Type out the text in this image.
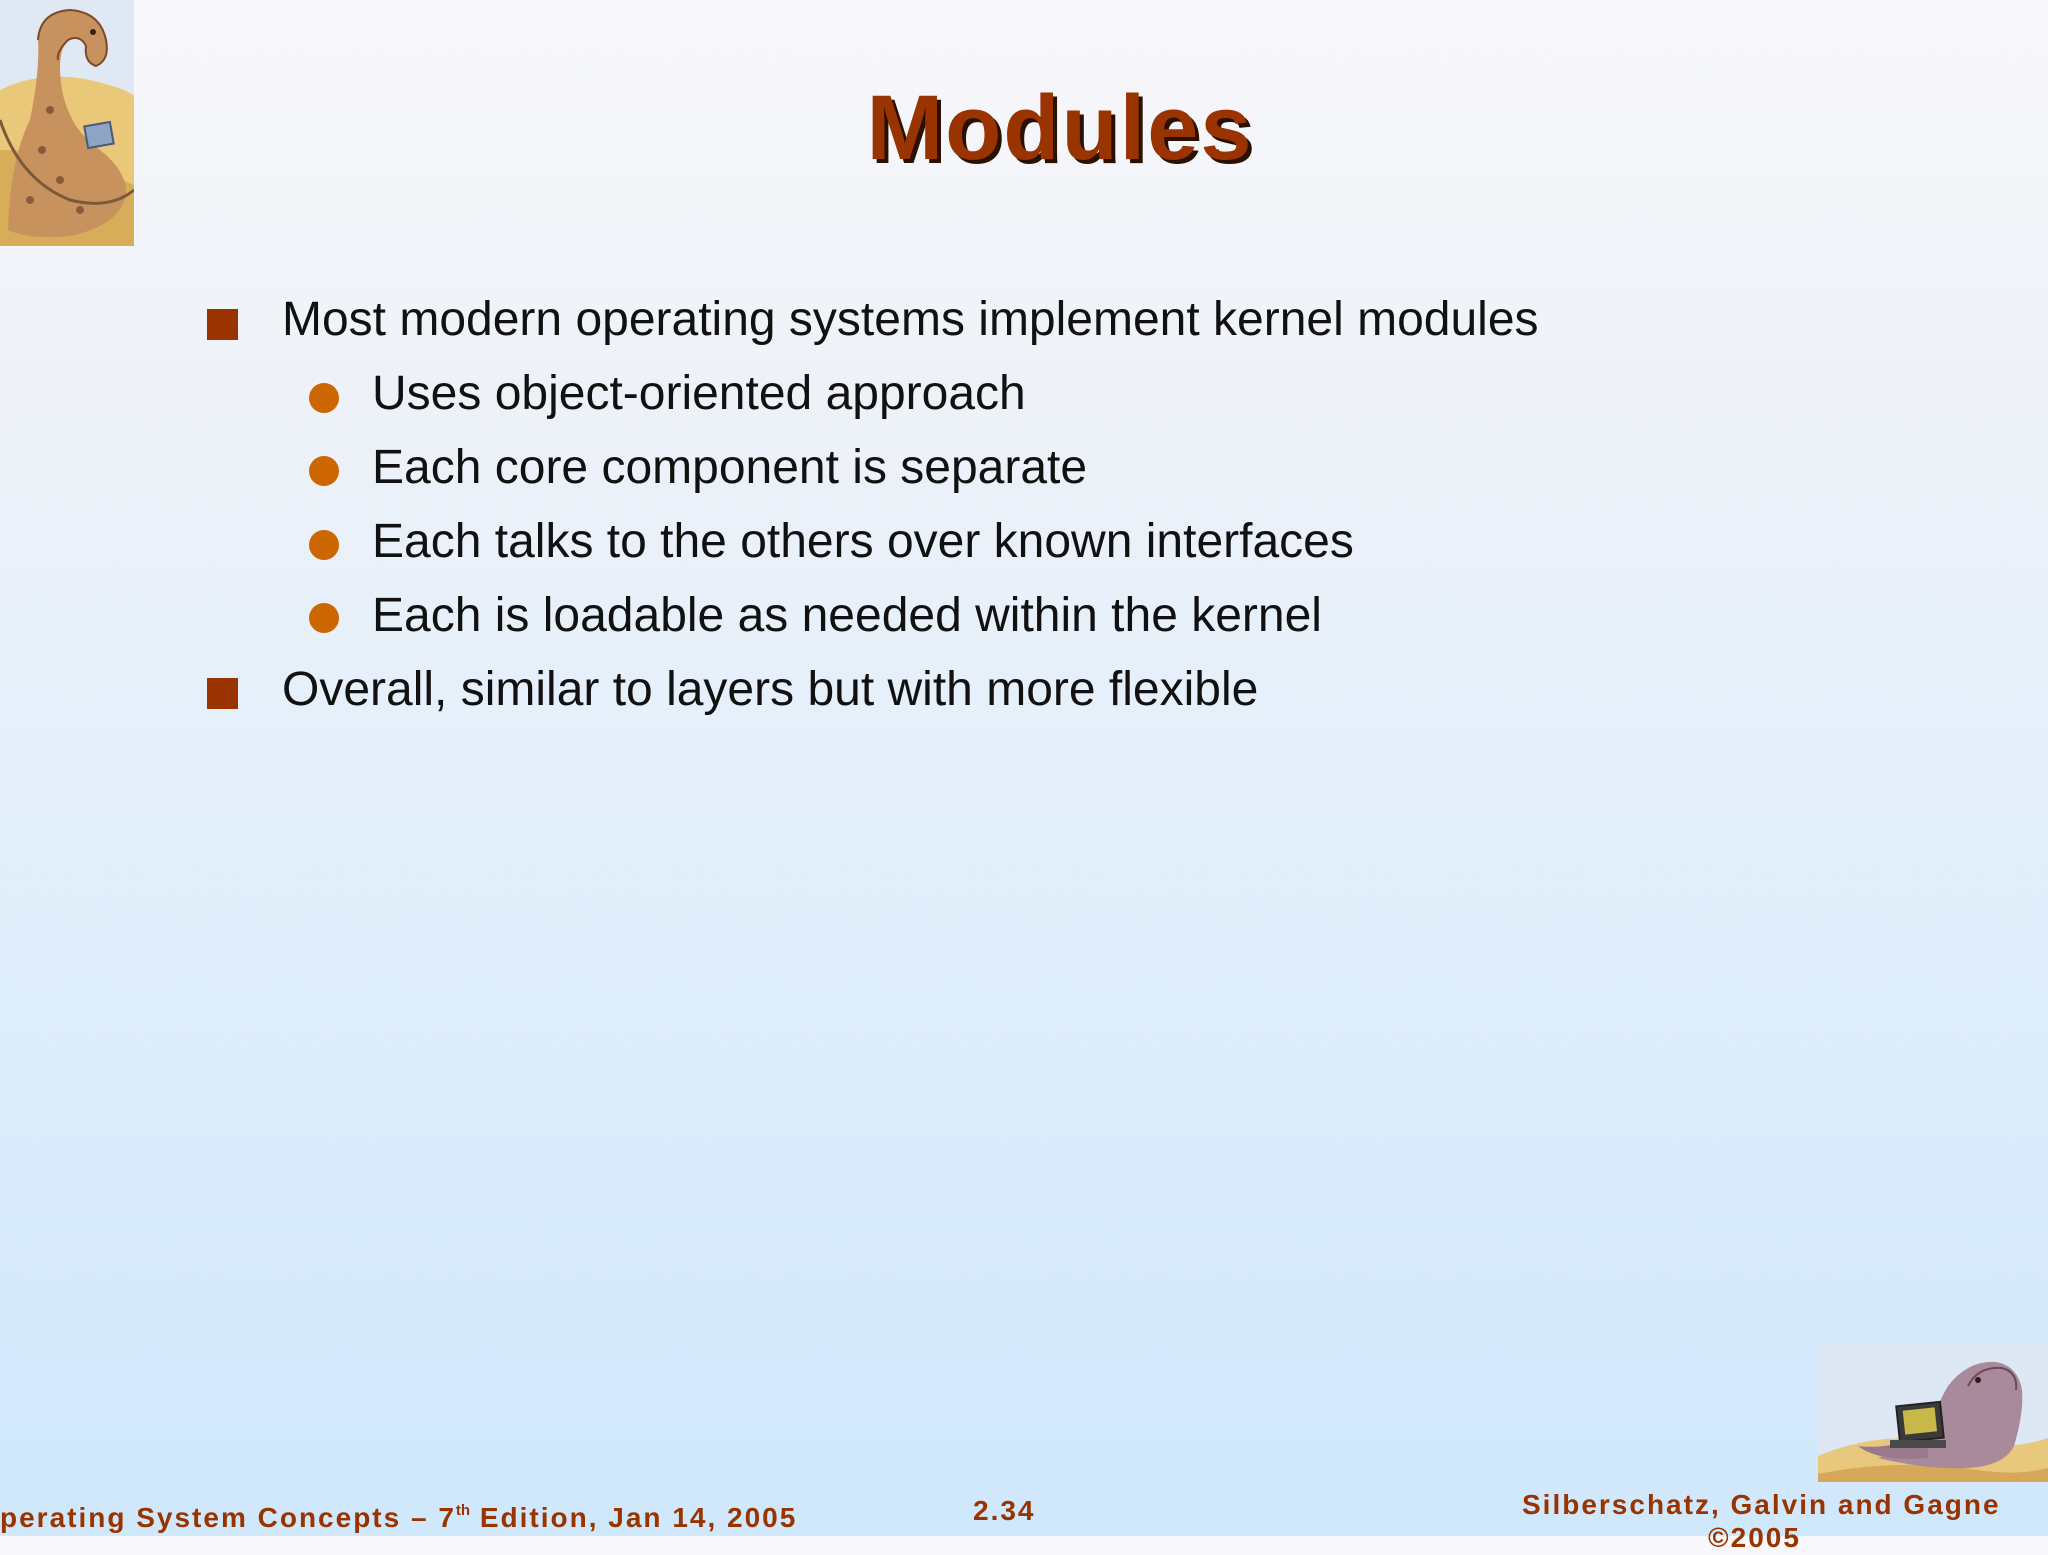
Modules
Most modern operating systems implement kernel modules
Uses object-oriented approach
Each core component is separate
Each talks to the others over known interfaces
Each is loadable as needed within the kernel
Overall, similar to layers but with more flexible
perating System Concepts – 7th Edition, Jan 14, 2005	2.34	Silberschatz, Galvin and Gagne
©2005
